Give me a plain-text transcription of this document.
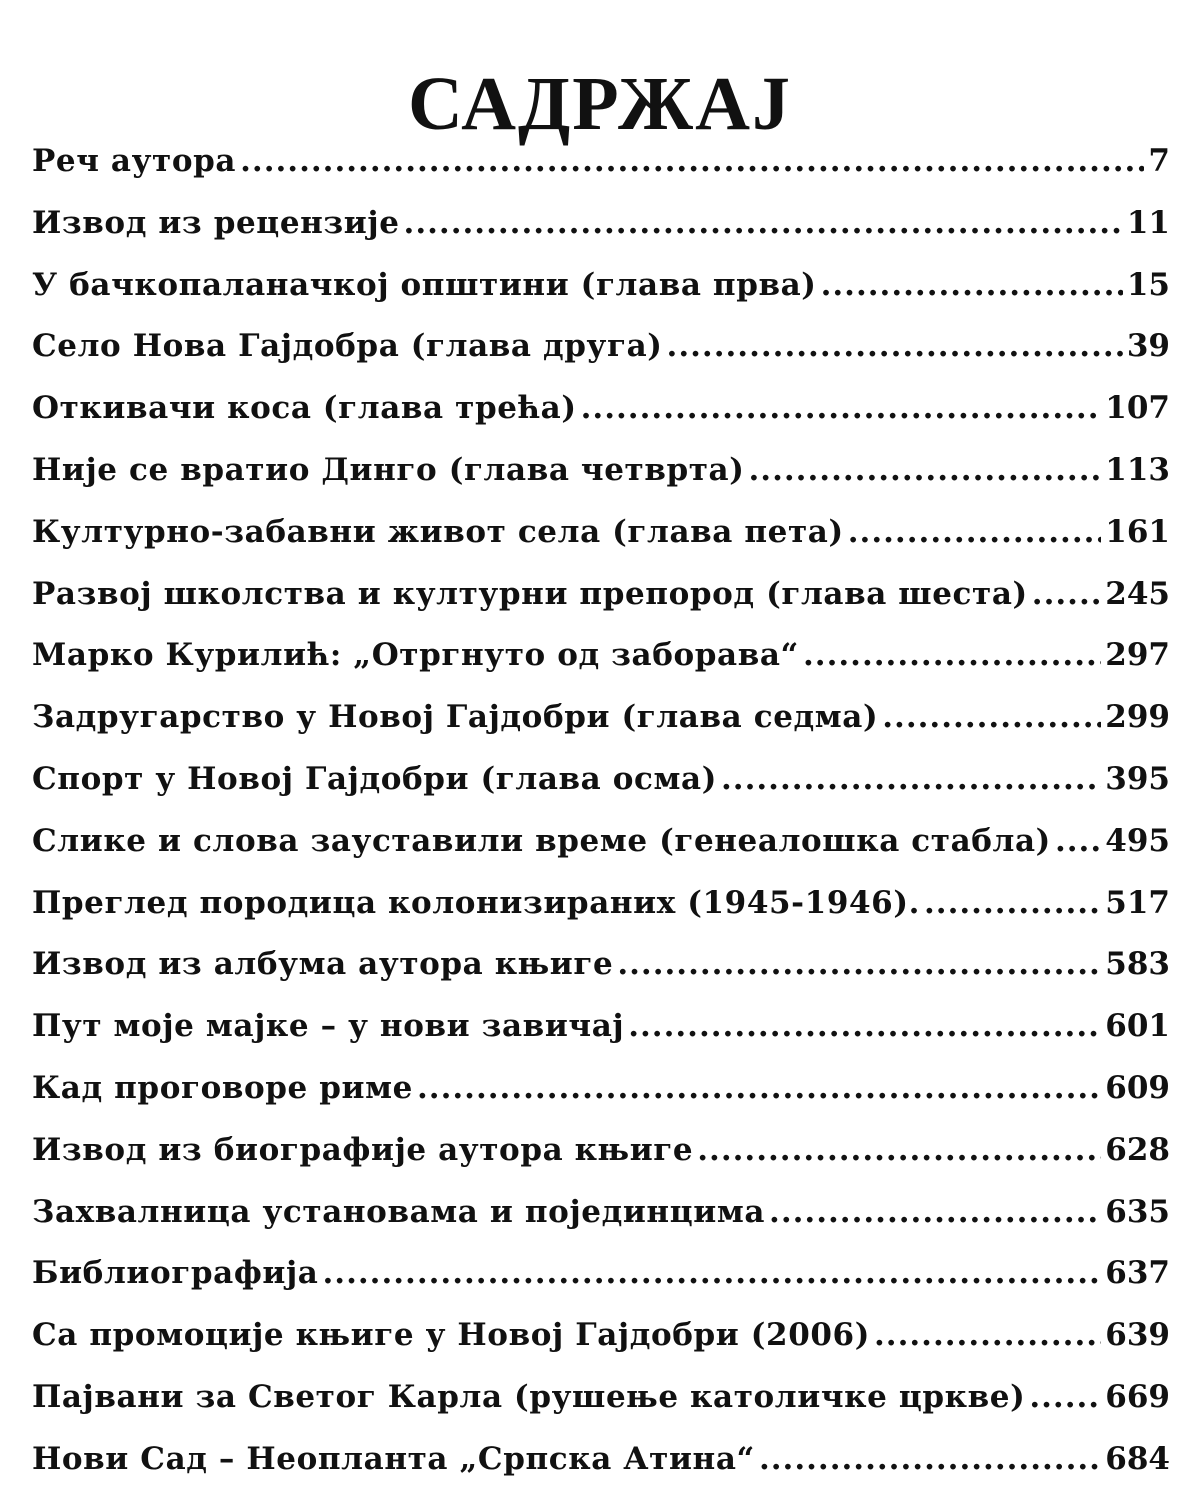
САДРЖАЈ
Реч аутора .....	7
Извод из рецензије .....	11
У бачкопаланачкој општини (глава прва) .....	15
Село Нова Гајдобра (глава друга) .....	39
Откивачи коса (глава трећа) .....	107
Није се вратио Динго (глава четврта) .....	113
Културно-забавни живот села (глава пета) .....	161
Развој школства и културни препород (глава шеста) ..... 245
Марко Курилић: „Отргнуто од заборава“ .....	297
Задругарство у Новој Гајдобри (глава седма) .....	299
Спорт у Новој Гајдобри (глава осма) .....	395
Слике и слова зауставили време (генеалошка стабла) ..... 495
Преглед породица колонизираних (1945-1946). .....	517
Извод из албума аутора књиге .....	583
Пут моје мајке – у нови завичај .....	601
Кад проговоре риме .....	609
Извод из биографије аутора књиге .....	628
Захвалница установама и појединцима .....	635
Библиографија .....	637
Са промоције књиге у Новој Гајдобри (2006) .....	639
Пајвани за Светог Карла (рушење католичке цркве) .....	669
Нови Сад – Неопланта „Српска Атина“ .....	684
